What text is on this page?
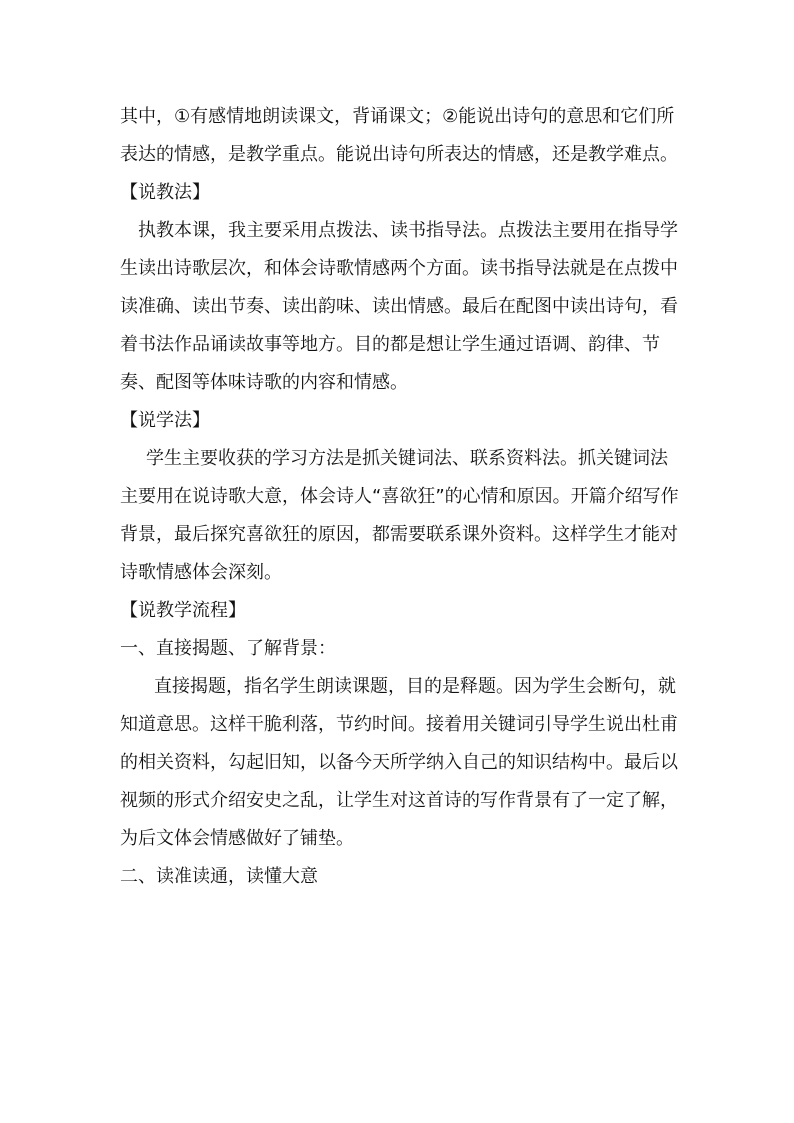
其中，①有感情地朗读课文，背诵课文；②能说出诗句的意思和它们所表达的情感，是教学重点。能说出诗句所表达的情感，还是教学难点。

【说教法】

执教本课，我主要采用点拨法、读书指导法。点拨法主要用在指导学生读出诗歌层次，和体会诗歌情感两个方面。读书指导法就是在点拨中读准确、读出节奏、读出韵味、读出情感。最后在配图中读出诗句，看着书法作品诵读故事等地方。目的都是想让学生通过语调、韵律、节奏、配图等体味诗歌的内容和情感。

【说学法】

学生主要收获的学习方法是抓关键词法、联系资料法。抓关键词法主要用在说诗歌大意，体会诗人“喜欲狂”的心情和原因。开篇介绍写作背景，最后探究喜欲狂的原因，都需要联系课外资料。这样学生才能对诗歌情感体会深刻。

【说教学流程】

一、直接揭题、了解背景：

直接揭题，指名学生朗读课题，目的是释题。因为学生会断句，就知道意思。这样干脆利落，节约时间。接着用关键词引导学生说出杜甫的相关资料，勾起旧知，以备今天所学纳入自己的知识结构中。最后以视频的形式介绍安史之乱，让学生对这首诗的写作背景有了一定了解，为后文体会情感做好了铺垫。

二、读准读通，读懂大意
